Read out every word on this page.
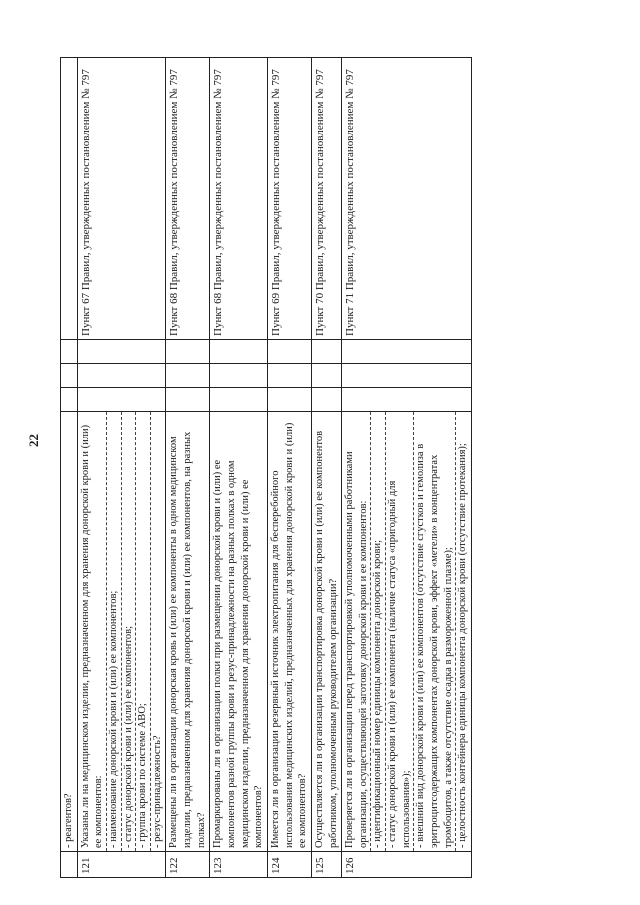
22

	- реагентов?				

121	Указаны ли на медицинском изделии, предназначенном для хранения донорской крови и (или) ее компонентов: - наименование донорской крови и (или) ее компонентов; - статус донорской крови и (или) ее компонентов; - группа крови по системе АВО; - резус-принадлежность?				Пункт 67 Правил, утвержденных постановлением № 797
122	Размещены ли в организации донорская кровь и (или) ее компоненты в одном медицинском изделии, предназначенном для хранения донорской крови и (или) ее компонентов, на разных полках?				Пункт 68 Правил, утвержденных постановлением № 797
123	Промаркированы ли в организации полки при размещении донорской крови и (или) ее компонентов разной группы крови и резус-принадлежности на разных полках в одном медицинском изделии, предназначенном для хранения донорской крови и (или) ее компонентов?				Пункт 68 Правил, утвержденных постановлением № 797
124	Имеется ли в организации резервный источник электропитания для бесперебойного использования медицинских изделий, предназначенных для хранения донорской крови и (или) ее компонентов?				Пункт 69 Правил, утвержденных постановлением № 797
125	Осуществляется ли в организации транспортировка донорской крови и (или) ее компонентов работником, уполномоченным руководителем организации?				Пункт 70 Правил, утвержденных постановлением № 797
126	Проверяется ли в организации перед транспортировкой уполномоченными работниками организации, осуществляющей заготовку донорской крови и ее компонентов: - идентификационный номер единицы компонента донорской крови; - статус донорской крови и (или) ее компонента (наличие статуса «пригодный для использования»); - внешний вид донорской крови и (или) ее компонентов (отсутствие сгустков и гемолиза в эритроцитсодержащих компонентах донорской крови, эффект «метели» в концентратах тромбоцитов, а также отсутствие осадка в размороженной плазме); - целостность контейнера единицы компонента донорской крови (отсутствие протекания);				Пункт 71 Правил, утвержденных постановлением № 797
